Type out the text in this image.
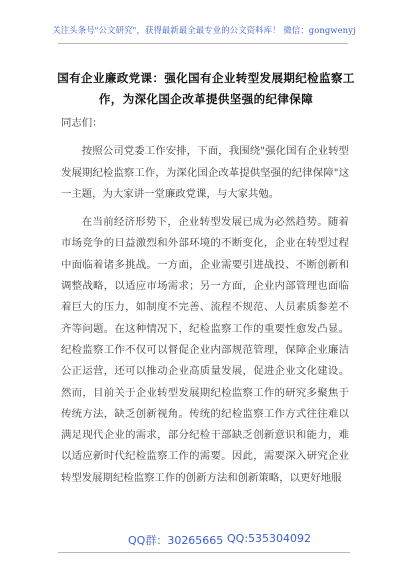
关注头条号"公文研究"，获得最新最全最专业的公文资料库！ 微信：gongwenyj
国有企业廉政党课：强化国有企业转型发展期纪检监察工作，为深化国企改革提供坚强的纪律保障

同志们：

按照公司党委工作安排，下面，我围绕"强化国有企业转型发展期纪检监察工作，为深化国企改革提供坚强的纪律保障"这一主题，为大家讲一堂廉政党课，与大家共勉。

在当前经济形势下，企业转型发展已成为必然趋势。随着市场竞争的日益激烈和外部环境的不断变化，企业在转型过程中面临着诸多挑战。一方面，企业需要引进战投、不断创新和调整战略，以适应市场需求；另一方面，企业内部管理也面临着巨大的压力，如制度不完善、流程不规范、人员素质参差不齐等问题。在这种情况下，纪检监察工作的重要性愈发凸显。纪检监察工作不仅可以督促企业内部规范管理，保障企业廉洁公正运营，还可以推动企业高质量发展，促进企业文化建设。然而，目前关于企业转型发展期纪检监察工作的研究多聚焦于传统方法，缺乏创新视角。传统的纪检监察工作方式往往难以满足现代企业的需求，部分纪检干部缺乏创新意识和能力，难以适应新时代纪检监察工作的需要。因此，需要深入研究企业转型发展期纪检监察工作的创新方法和创新策略，以更好地服

QQ群：30265665 QQ:535304092
